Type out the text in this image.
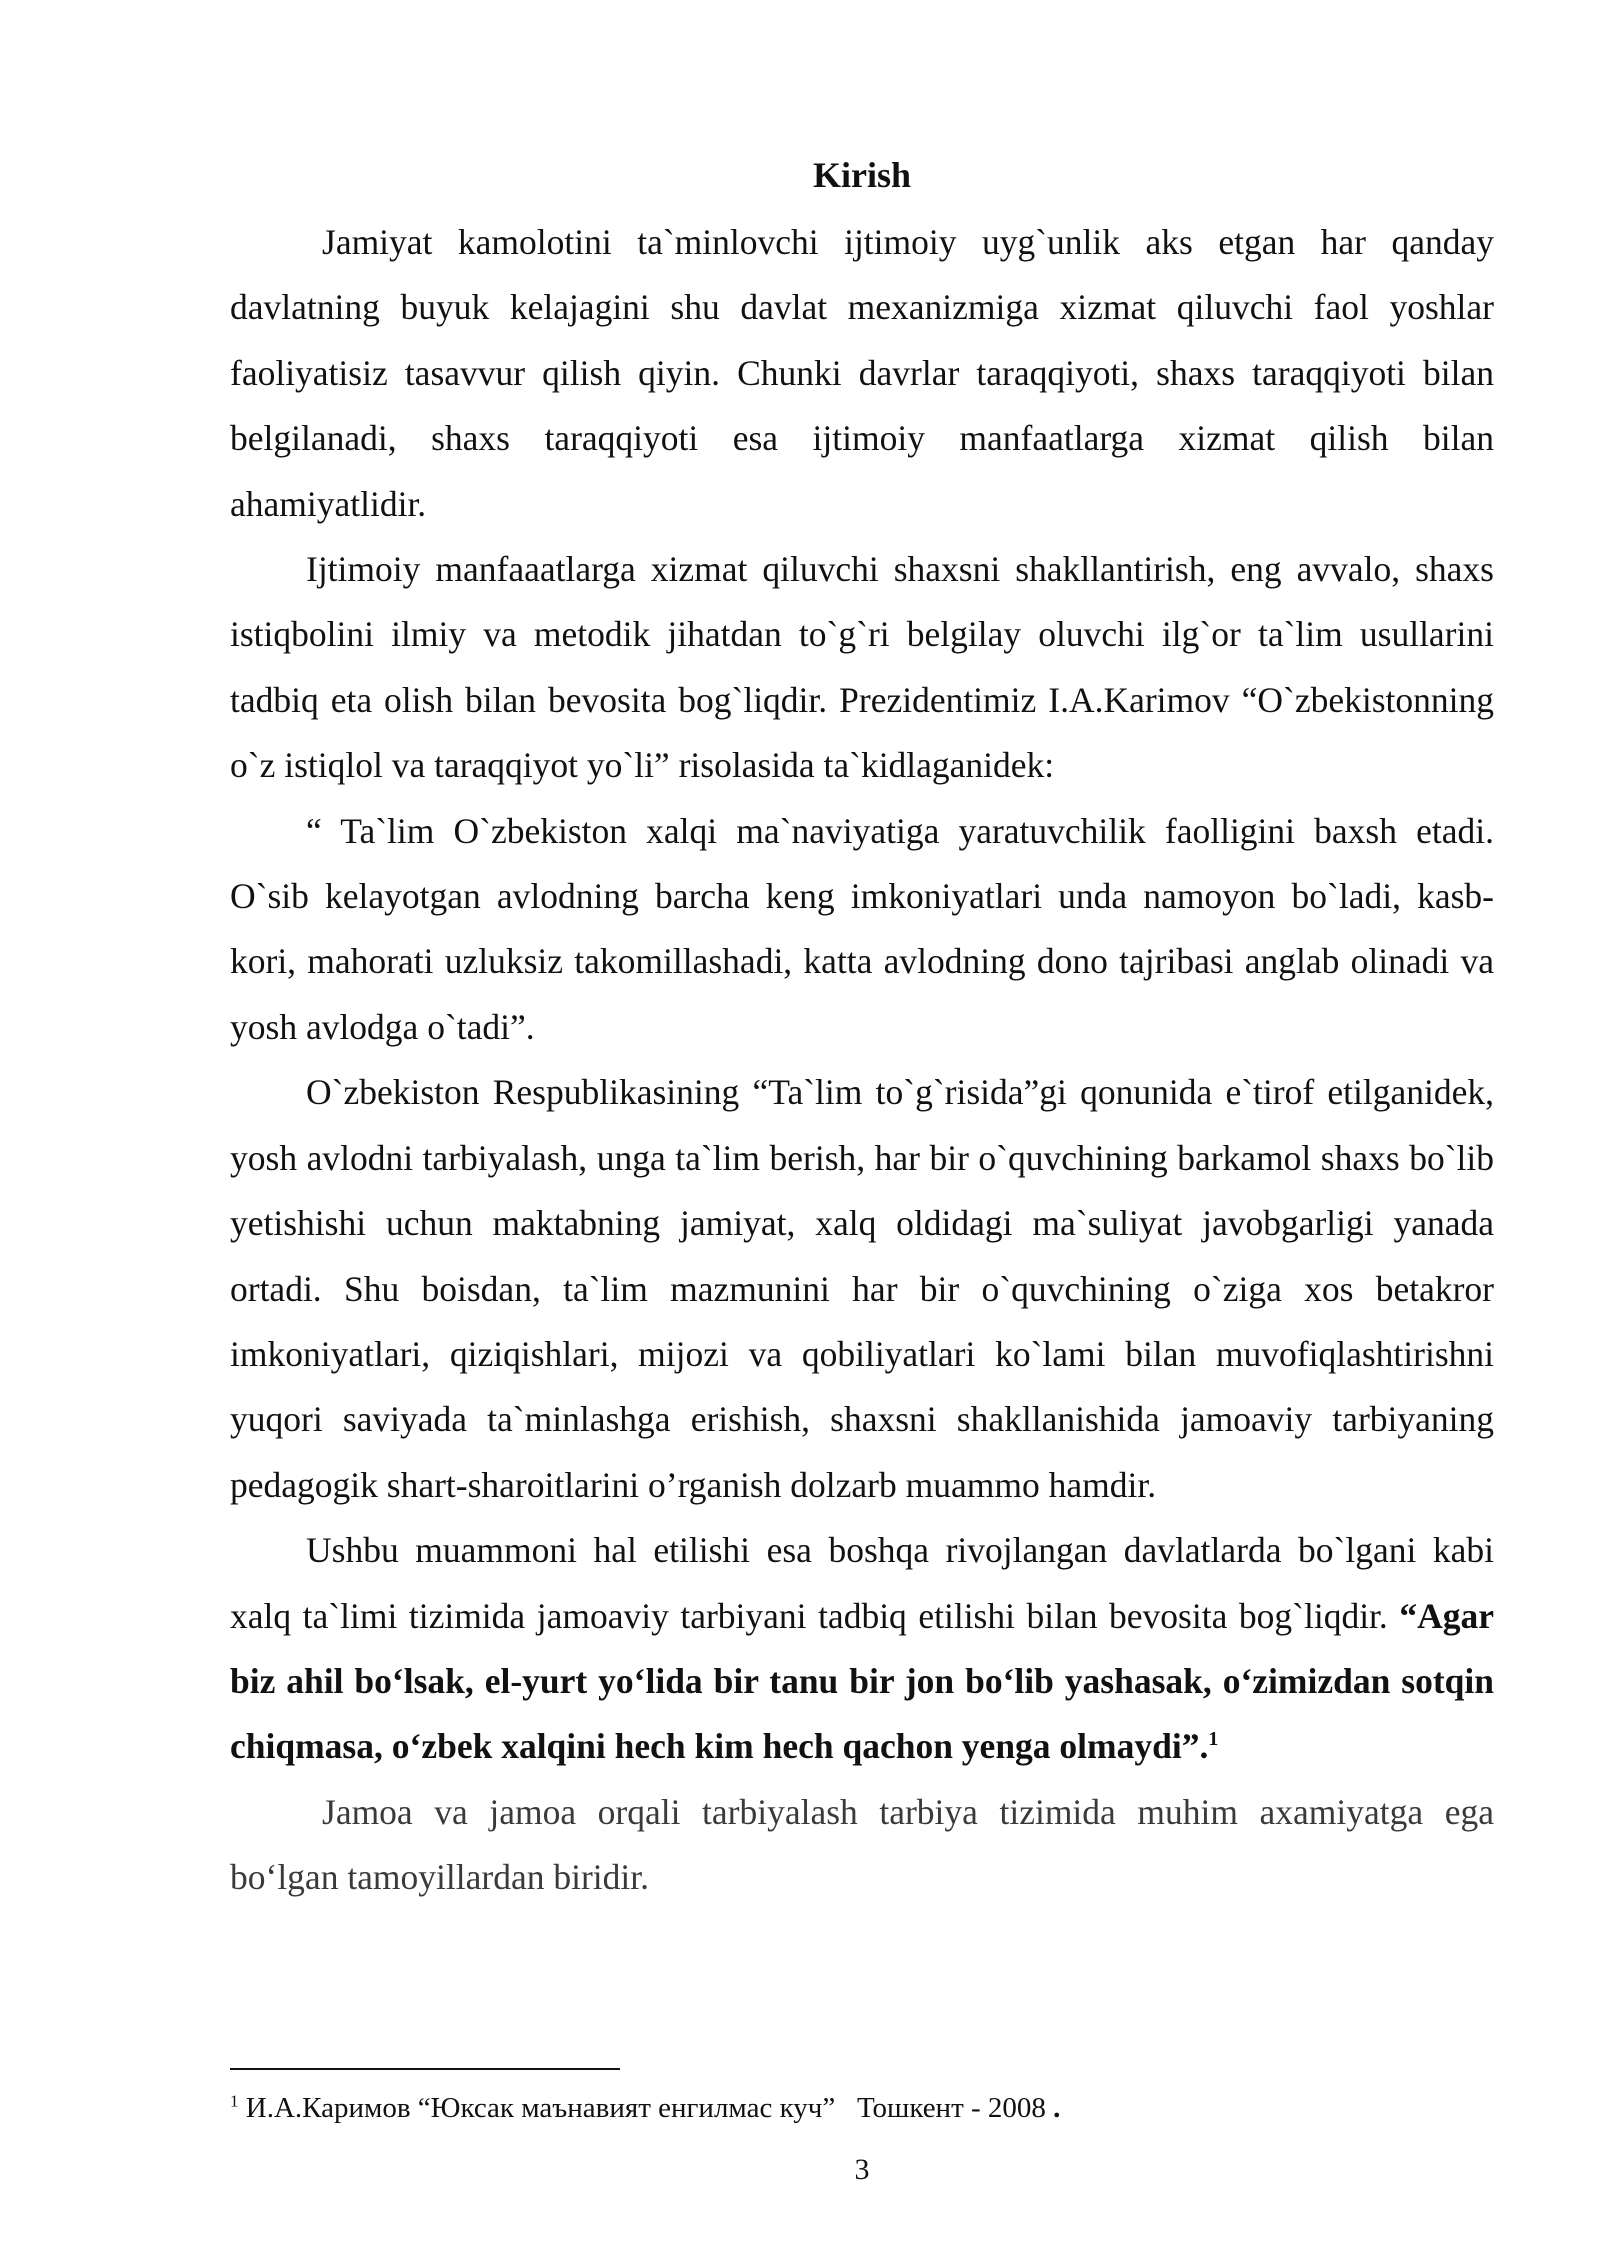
Kirish

Jamiyat kamolotini ta`minlovchi ijtimoiy uyg`unlik aks etgan har qanday davlatning buyuk kelajagini shu davlat mexanizmiga xizmat qiluvchi faol yoshlar faoliyatisiz tasavvur qilish qiyin. Chunki davrlar taraqqiyoti, shaxs taraqqiyoti bilan belgilanadi, shaxs taraqqiyoti esa ijtimoiy manfaatlarga xizmat qilish bilan ahamiyatlidir.

Ijtimoiy manfaaatlarga xizmat qiluvchi shaxsni shakllantirish, eng avvalo, shaxs istiqbolini ilmiy va metodik jihatdan to`g`ri belgilay oluvchi ilg`or ta`lim usullarini tadbiq eta olish bilan bevosita bog`liqdir. Prezidentimiz I.A.Karimov “O`zbekistonning o`z istiqlol va taraqqiyot yo`li” risolasida ta`kidlaganidek:

“ Ta`lim O`zbekiston xalqi ma`naviyatiga yaratuvchilik faolligini baxsh etadi. O`sib kelayotgan avlodning barcha keng imkoniyatlari unda namoyon bo`ladi, kasb-kori, mahorati uzluksiz takomillashadi, katta avlodning dono tajribasi anglab olinadi va yosh avlodga o`tadi”.

O`zbekiston Respublikasining “Ta`lim to`g`risida”gi qonunida e`tirof etilganidek, yosh avlodni tarbiyalash, unga ta`lim berish, har bir o`quvchining barkamol shaxs bo`lib yetishishi uchun maktabning jamiyat, xalq oldidagi ma`suliyat javobgarligi yanada ortadi. Shu boisdan, ta`lim mazmunini har bir o`quvchining o`ziga xos betakror imkoniyatlari, qiziqishlari, mijozi va qobiliyatlari ko`lami bilan muvofiqlashtirishni yuqori saviyada ta`minlashga erishish, shaxsni shakllanishida jamoaviy tarbiyaning pedagogik shart-sharoitlarini o’rganish dolzarb muammo hamdir.

Ushbu muammoni hal etilishi esa boshqa rivojlangan davlatlarda bo`lgani kabi xalq ta`limi tizimida jamoaviy tarbiyani tadbiq etilishi bilan bevosita bog`liqdir. “Agar biz ahil bo‘lsak, el-yurt yo‘lida bir tanu bir jon bo‘lib yashasak, o‘zimizdan sotqin chiqmasa, o‘zbek xalqini hech kim hech qachon yenga olmaydi”.$^1$

Jamoa va jamoa orqali tarbiyalash tarbiya tizimida muhim axamiyatga ega bo‘lgan tamoyillardan biridir.

$^1$ И.А.Каримов “Юксак маънавият енгилмас куч”   Тошкент - 2008 .

3
